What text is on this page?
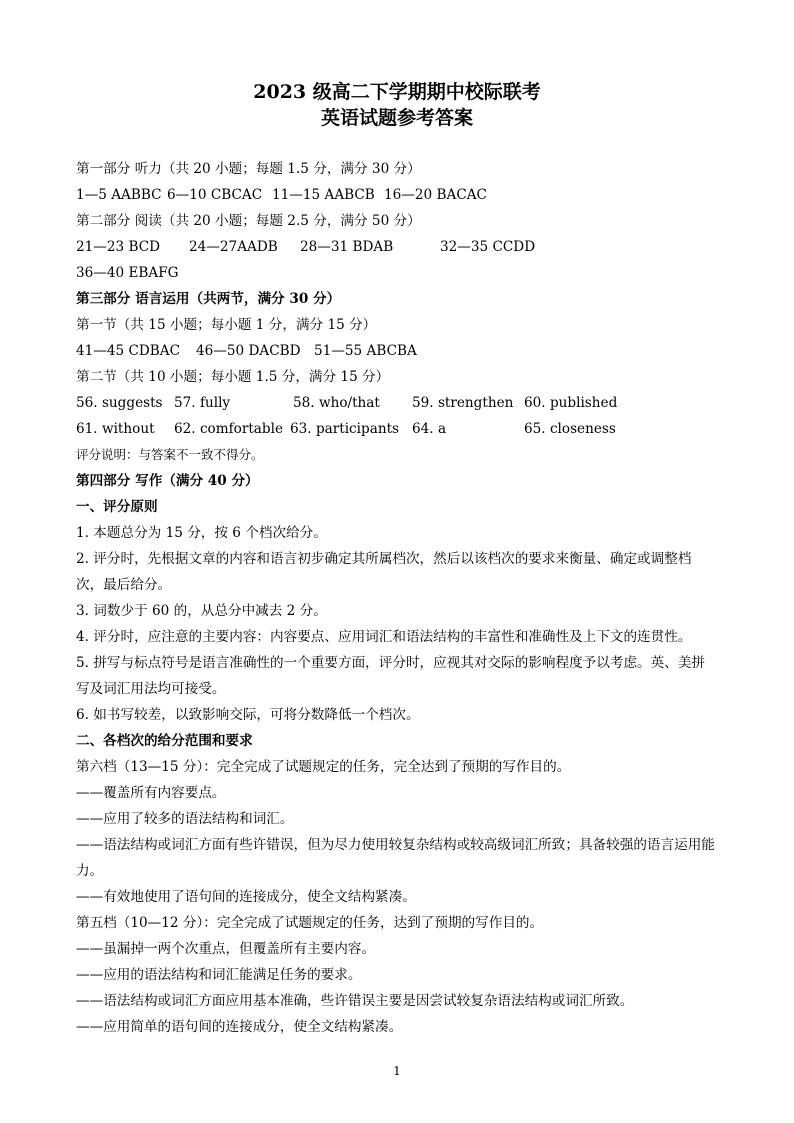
2023 级高二下学期期中校际联考
英语试题参考答案
第一部分 听力（共 20 小题；每题 1.5 分，满分 30 分）
1—5 AABBC 6—10 CBCAC 11—15 AABCB 16—20 BACAC
第二部分 阅读（共 20 小题；每题 2.5 分，满分 50 分）
21—23 BCD 24—27AADB 28—31 BDAB	32—35 CCDD
36—40 EBAFG
第三部分 语言运用（共两节，满分 30 分）
第一节（共 15 小题；每小题 1 分，满分 15 分）
41—45 CDBAC 46—50 DACBD 51—55 ABCBA
第二节（共 10 小题；每小题 1.5 分，满分 15 分）
56. suggests 57. fully	58. who/that 59. strengthen 60. published
61. without 62. comfortable 63. participants 64. a	65. closeness
评分说明：与答案不一致不得分。
第四部分 写作（满分 40 分）
一、评分原则
1. 本题总分为 15 分，按 6 个档次给分。
2. 评分时，先根据文章的内容和语言初步确定其所属档次，然后以该档次的要求来衡量、确定或调整档次，最后给分。
3. 词数少于 60 的，从总分中减去 2 分。
4. 评分时，应注意的主要内容：内容要点、应用词汇和语法结构的丰富性和准确性及上下文的连贯性。
5. 拼写与标点符号是语言准确性的一个重要方面，评分时，应视其对交际的影响程度予以考虑。英、美拼写及词汇用法均可接受。
6. 如书写较差，以致影响交际，可将分数降低一个档次。
二、各档次的给分范围和要求
第六档（13—15 分）：完全完成了试题规定的任务，完全达到了预期的写作目的。
——覆盖所有内容要点。
——应用了较多的语法结构和词汇。
——语法结构或词汇方面有些许错误，但为尽力使用较复杂结构或较高级词汇所致；具备较强的语言运用能力。
——有效地使用了语句间的连接成分，使全文结构紧凑。
第五档（10—12 分）：完全完成了试题规定的任务，达到了预期的写作目的。
——虽漏掉一两个次重点，但覆盖所有主要内容。
——应用的语法结构和词汇能满足任务的要求。
——语法结构或词汇方面应用基本准确，些许错误主要是因尝试较复杂语法结构或词汇所致。
——应用简单的语句间的连接成分，使全文结构紧凑。
1
